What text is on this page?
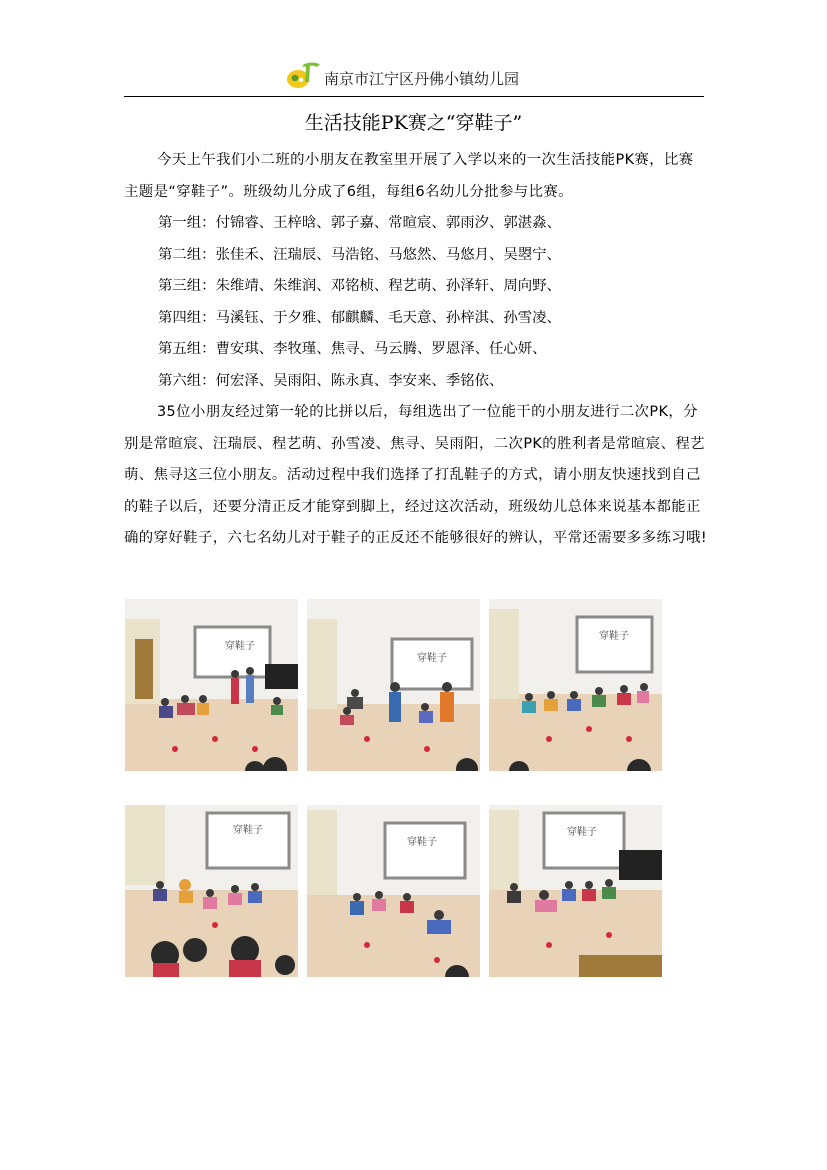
南京市江宁区丹佛小镇幼儿园
生活技能PK赛之“穿鞋子”

今天上午我们小二班的小朋友在教室里开展了入学以来的一次生活技能PK赛，比赛主题是“穿鞋子”。班级幼儿分成了6组，每组6名幼儿分批参与比赛。

第一组：付锦睿、王梓晗、郭子嘉、常暄宸、郭雨汐、郭湛淼、
第二组：张佳禾、汪瑞辰、马浩铭、马悠然、马悠月、吴曌宁、
第三组：朱维靖、朱维润、邓铭桢、程艺萌、孙泽轩、周向野、
第四组：马溪钰、于夕雅、郁麒麟、毛天意、孙梓淇、孙雪凌、
第五组：曹安琪、李牧瑾、焦寻、马云腾、罗恩泽、任心妍、
第六组：何宏泽、吴雨阳、陈永真、李安来、季铭依、

35位小朋友经过第一轮的比拼以后，每组选出了一位能干的小朋友进行二次PK，分别是常暄宸、汪瑞辰、程艺萌、孙雪凌、焦寻、吴雨阳，二次PK的胜利者是常暄宸、程艺萌、焦寻这三位小朋友。活动过程中我们选择了打乱鞋子的方式，请小朋友快速找到自己的鞋子以后，还要分清正反才能穿到脚上，经过这次活动，班级幼儿总体来说基本都能正确的穿好鞋子，六七名幼儿对于鞋子的正反还不能够很好的辨认，平常还需要多多练习哦!

穿鞋子
穿鞋子
穿鞋子
穿鞋子
穿鞋子
穿鞋子
